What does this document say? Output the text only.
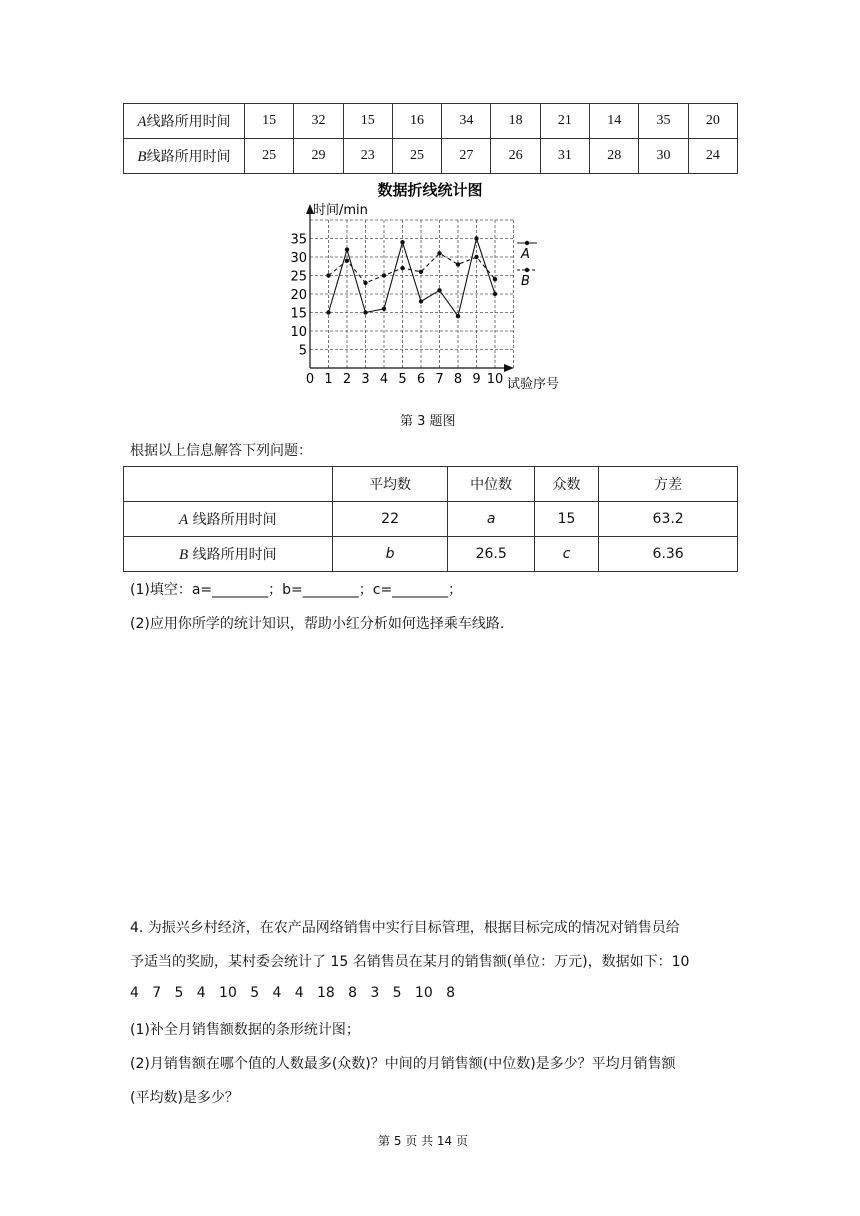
A线路所用时间	15	32	15	16	34	18	21	14	35	20
B线路所用时间	25	29	23	25	27	26	31	28	30	24
数据折线统计图
时间/min
试验序号
0 1 2 3 4 5 6 7 8 9 10
5
10
15
20
25
30
35
A
B
第 3 题图
根据以上信息解答下列问题：
	平均数	中位数	众数	方差
A 线路所用时间	22	a	15	63.2
B 线路所用时间	b	26.5	c	6.36
(1)填空：a=________；b=________；c=________；
(2)应用你所学的统计知识，帮助小红分析如何选择乘车线路.
4. 为振兴乡村经济，在农产品网络销售中实行目标管理，根据目标完成的情况对销售员给
予适当的奖励，某村委会统计了 15 名销售员在某月的销售额(单位：万元)，数据如下：10
4   7   5   4   10   5   4   4   18   8   3   5   10   8
(1)补全月销售额数据的条形统计图；
(2)月销售额在哪个值的人数最多(众数)？中间的月销售额(中位数)是多少？平均月销售额
(平均数)是多少？
第 5 页 共 14 页
